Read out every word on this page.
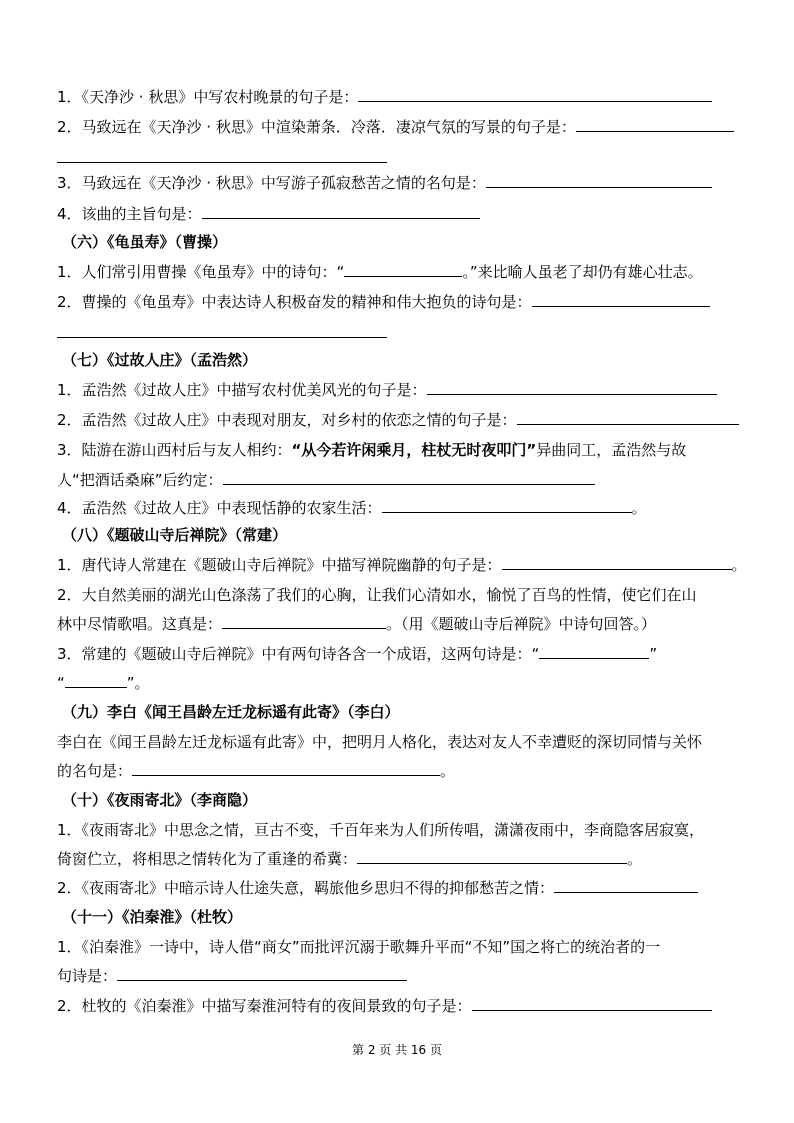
1．《天净沙 · 秋思》中写农村晚景的句子是：
2．马致远在《天净沙 · 秋思》中渲染萧条．冷落．凄凉气氛的写景的句子是：
3．马致远在《天净沙 · 秋思》中写游子孤寂愁苦之情的名句是：
4．该曲的主旨句是：
（六）《龟虽寿》（曹操）
1．人们常引用曹操《龟虽寿》中的诗句：“	。”来比喻人虽老了却仍有雄心壮志。
2．曹操的《龟虽寿》中表达诗人积极奋发的精神和伟大抱负的诗句是：
（七）《过故人庄》（孟浩然）
1．孟浩然《过故人庄》中描写农村优美风光的句子是：
2．孟浩然《过故人庄》中表现对朋友，对乡村的依恋之情的句子是：
3．陆游在游山西村后与友人相约：“从今若许闲乘月，柱杖无时夜叩门”异曲同工，孟浩然与故
人“把酒话桑麻”后约定：
4．孟浩然《过故人庄》中表现恬静的农家生活：	。
（八）《题破山寺后禅院》（常建）
1．唐代诗人常建在《题破山寺后禅院》中描写禅院幽静的句子是：	。
2．大自然美丽的湖光山色涤荡了我们的心胸，让我们心清如水，愉悦了百鸟的性情，使它们在山
林中尽情歌唱。这真是：	。（用《题破山寺后禅院》中诗句回答。）
3．常建的《题破山寺后禅院》中有两句诗各含一个成语，这两句诗是：“	”
“	”。
（九）李白《闻王昌龄左迁龙标遥有此寄》（李白）
李白在《闻王昌龄左迁龙标遥有此寄》中，把明月人格化，表达对友人不幸遭贬的深切同情与关怀
的名句是：	。
（十）《夜雨寄北》（李商隐）
1．《夜雨寄北》中思念之情，亘古不变，千百年来为人们所传唱，潇潇夜雨中，李商隐客居寂寞，
倚窗伫立，将相思之情转化为了重逢的希冀：	。
2．《夜雨寄北》中暗示诗人仕途失意，羁旅他乡思归不得的抑郁愁苦之情：
（十一）《泊秦淮》（杜牧）
1．《泊秦淮》一诗中，诗人借“商女”而批评沉溺于歌舞升平而“不知”国之将亡的统治者的一
句诗是：
2．杜牧的《泊秦淮》中描写秦淮河特有的夜间景致的句子是：
第 2 页 共 16 页
